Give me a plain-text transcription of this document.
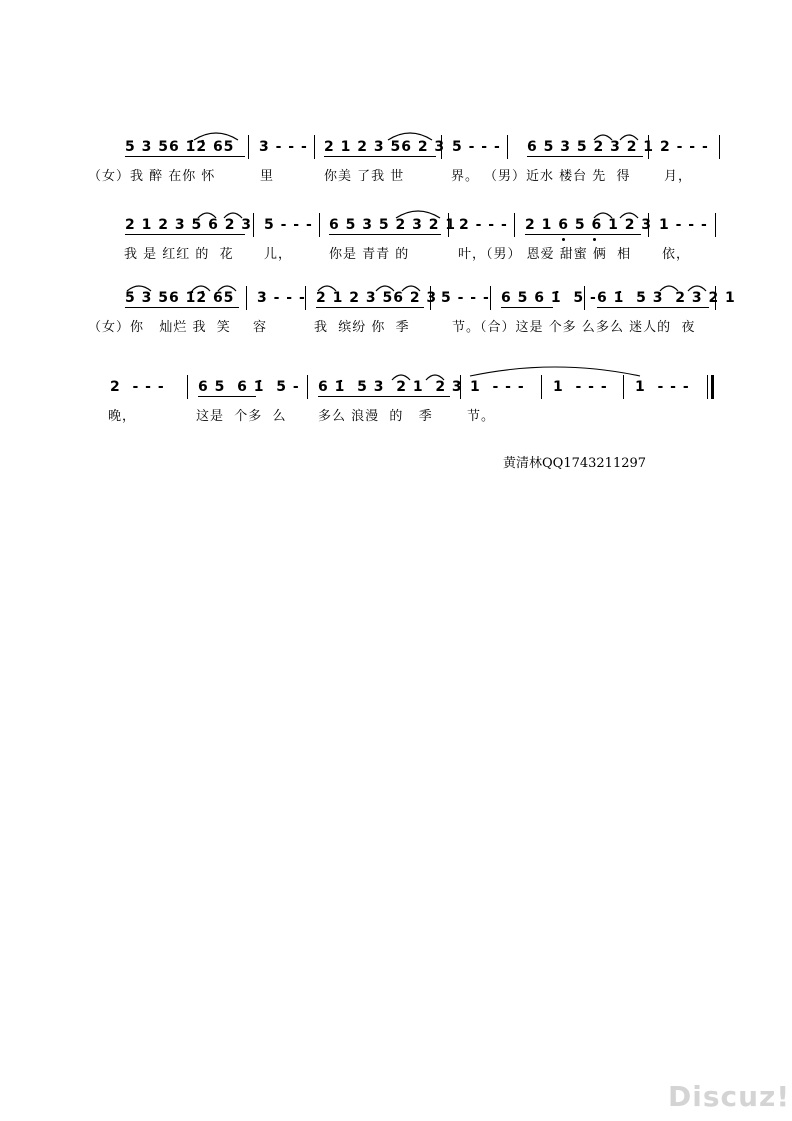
5 3 56 1̇2̇ 65 3 - - - 2 1 2 3 56 2 3 5 - - - 6 5 3 5 2 3 2 1 2 - - -
（女）我 醉 在你 怀	里	你美 了我 世	界。 （男）近水 楼台 先  得	月，
2 1 2 3 5 6 2 3 5 - - - 6 5 3 5 2 3 2 1 2 - - - 2 1 6 5 6 1 2 3 1 - - -
我 是 红红 的  花 儿，	你是 青青 的	叶，（男） 恩爱 甜蜜 俩  相 依，
5 3 56 1̇2̇ 65 3 - - - 2 1 2 3 56 2 3 5 - - - 6 5 6 1̇  5 - 6 1̇  5 3  2 3 2 1
（女）你   灿烂 我  笑 容	我  缤纷 你  季	节。（合）这是 个多 么 多么 迷人的  夜
2  - - - 6 5  6 1̇  5 - 6 1̇  5 3  2 1  2 3 1  - - - 1  - - - 1  - - -
晚，	这是  个多  么 多么 浪漫  的   季	节。
黄清林QQ1743211297
Discuz!
